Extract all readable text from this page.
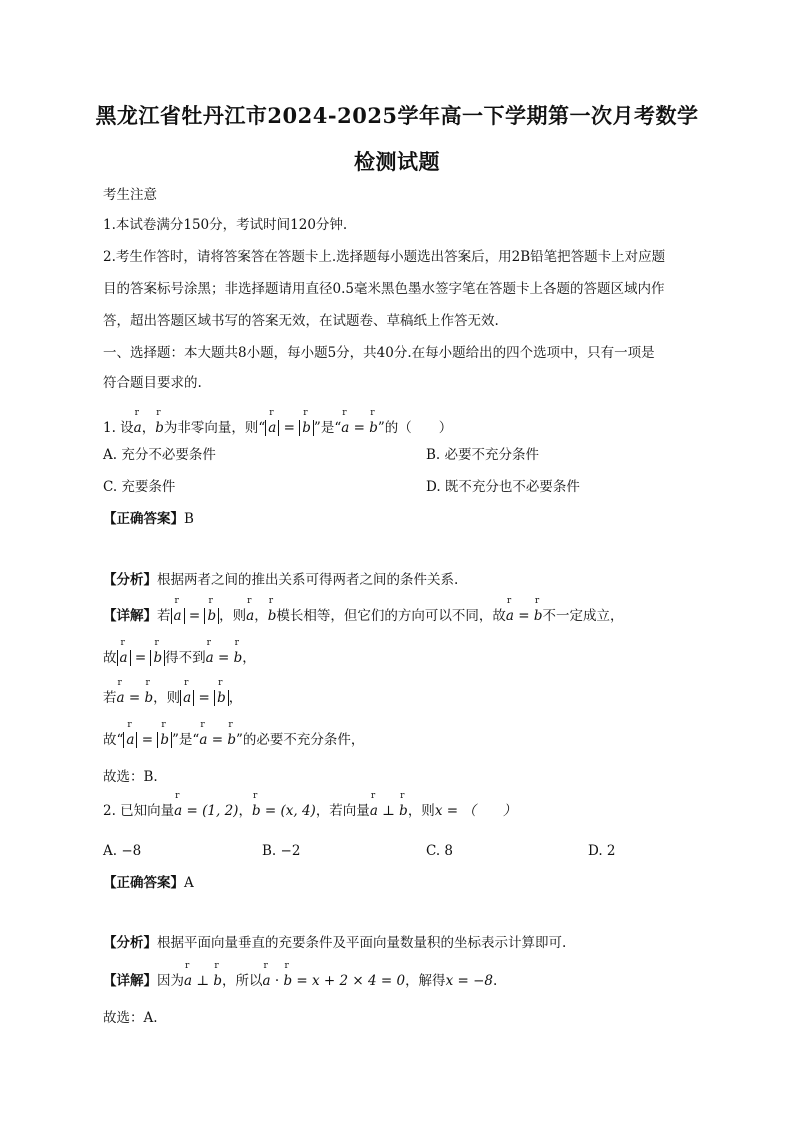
黑龙江省牡丹江市2024-2025学年高一下学期第一次月考数学
检测试题
考生注意
1.本试卷满分150分，考试时间120分钟.
2.考生作答时，请将答案答在答题卡上.选择题每小题选出答案后，用2B铅笔把答题卡上对应题
目的答案标号涂黑；非选择题请用直径0.5毫米黑色墨水签字笔在答题卡上各题的答题区域内作
答，超出答题区域书写的答案无效，在试题卷、草稿纸上作答无效.
一、选择题：本大题共8小题，每小题5分，共40分.在每小题给出的四个选项中，只有一项是
符合题目要求的.
1. 设
r
a，
r
b为非零向量，则“
r
a =
r
b ”是“
r
a =
r
b”的（　　）
A. 充分不必要条件	B. 必要不充分条件
C. 充要条件	D. 既不充分也不必要条件
【正确答案】B
【分析】根据两者之间的推出关系可得两者之间的条件关系.
【详解】若
r
a =
r
b ，则
r
a，
r
b模长相等，但它们的方向可以不同，故
r
a =
r
b不一定成立，
故
r
a =
r
b 得不到
r
a =
r
b，
若
r
a =
r
b，则
r
a =
r
b ，
故“
r
a =
r
b ”是“
r
a =
r
b”的必要不充分条件，
故选：B.
2. 已知向量
r
a = (1, 2)，
r
b = (x, 4)，若向量
r
a ⊥
r
b，则x = （　　）
A. −8	B. −2	C. 8	D. 2
【正确答案】A
【分析】根据平面向量垂直的充要条件及平面向量数量积的坐标表示计算即可.
【详解】因为
r
a ⊥
r
b，所以
r
a ·
r
b = x + 2 × 4 = 0，解得x = −8.
故选：A.
